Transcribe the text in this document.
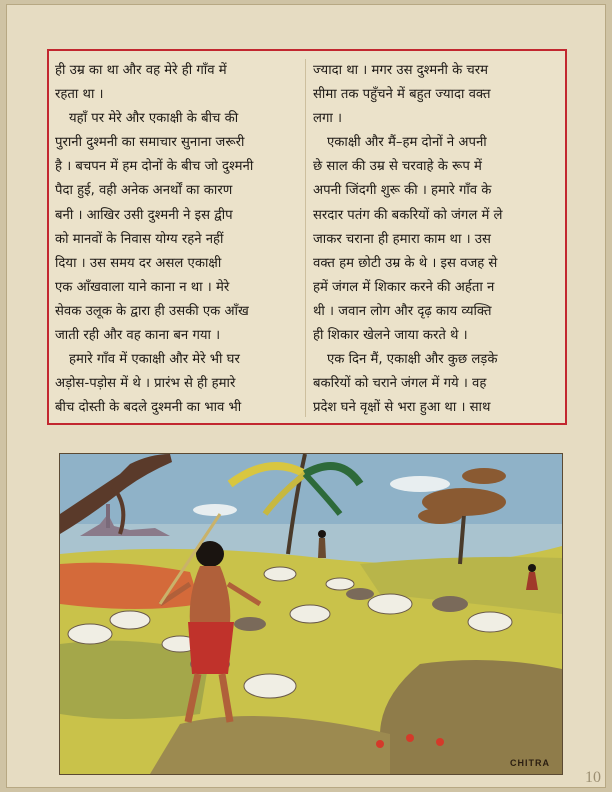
ही उम्र का था और वह मेरे ही गाँव में
रहता था ।
यहाँ पर मेरे और एकाक्षी के बीच की
पुरानी दुश्मनी का समाचार सुनाना जरूरी
है । बचपन में हम दोनों के बीच जो दुश्मनी
पैदा हुई, वही अनेक अनर्थों का कारण
बनी । आखिर उसी दुश्मनी ने इस द्वीप
को मानवों के निवास योग्य रहने नहीं
दिया । उस समय दर असल एकाक्षी
एक आँखवाला याने काना न था । मेरे
सेवक उलूक के द्वारा ही उसकी एक आँख
जाती रही और वह काना बन गया ।
हमारे गाँव में एकाक्षी और मेरे भी घर
अड़ोस-पड़ोस में थे । प्रारंभ से ही हमारे
बीच दोस्ती के बदले दुश्मनी का भाव भी
ज्यादा था । मगर उस दुश्मनी के चरम
सीमा तक पहुँचने में बहुत ज्यादा वक्त
लगा ।
एकाक्षी और मैं–हम दोनों ने अपनी
छे साल की उम्र से चरवाहे के रूप में
अपनी जिंदगी शुरू की । हमारे गाँव के
सरदार पतंग की बकरियों को जंगल में ले
जाकर चराना ही हमारा काम था । उस
वक्त हम छोटी उम्र के थे । इस वजह से
हमें जंगल में शिकार करने की अर्हता न
थी । जवान लोग और दृढ़ काय व्यक्ति
ही शिकार खेलने जाया करते थे ।
एक दिन मैं, एकाक्षी और कुछ लड़के
बकरियों को चराने जंगल में गये । वह
प्रदेश घने वृक्षों से भरा हुआ था । साथ
CHITRA
10
